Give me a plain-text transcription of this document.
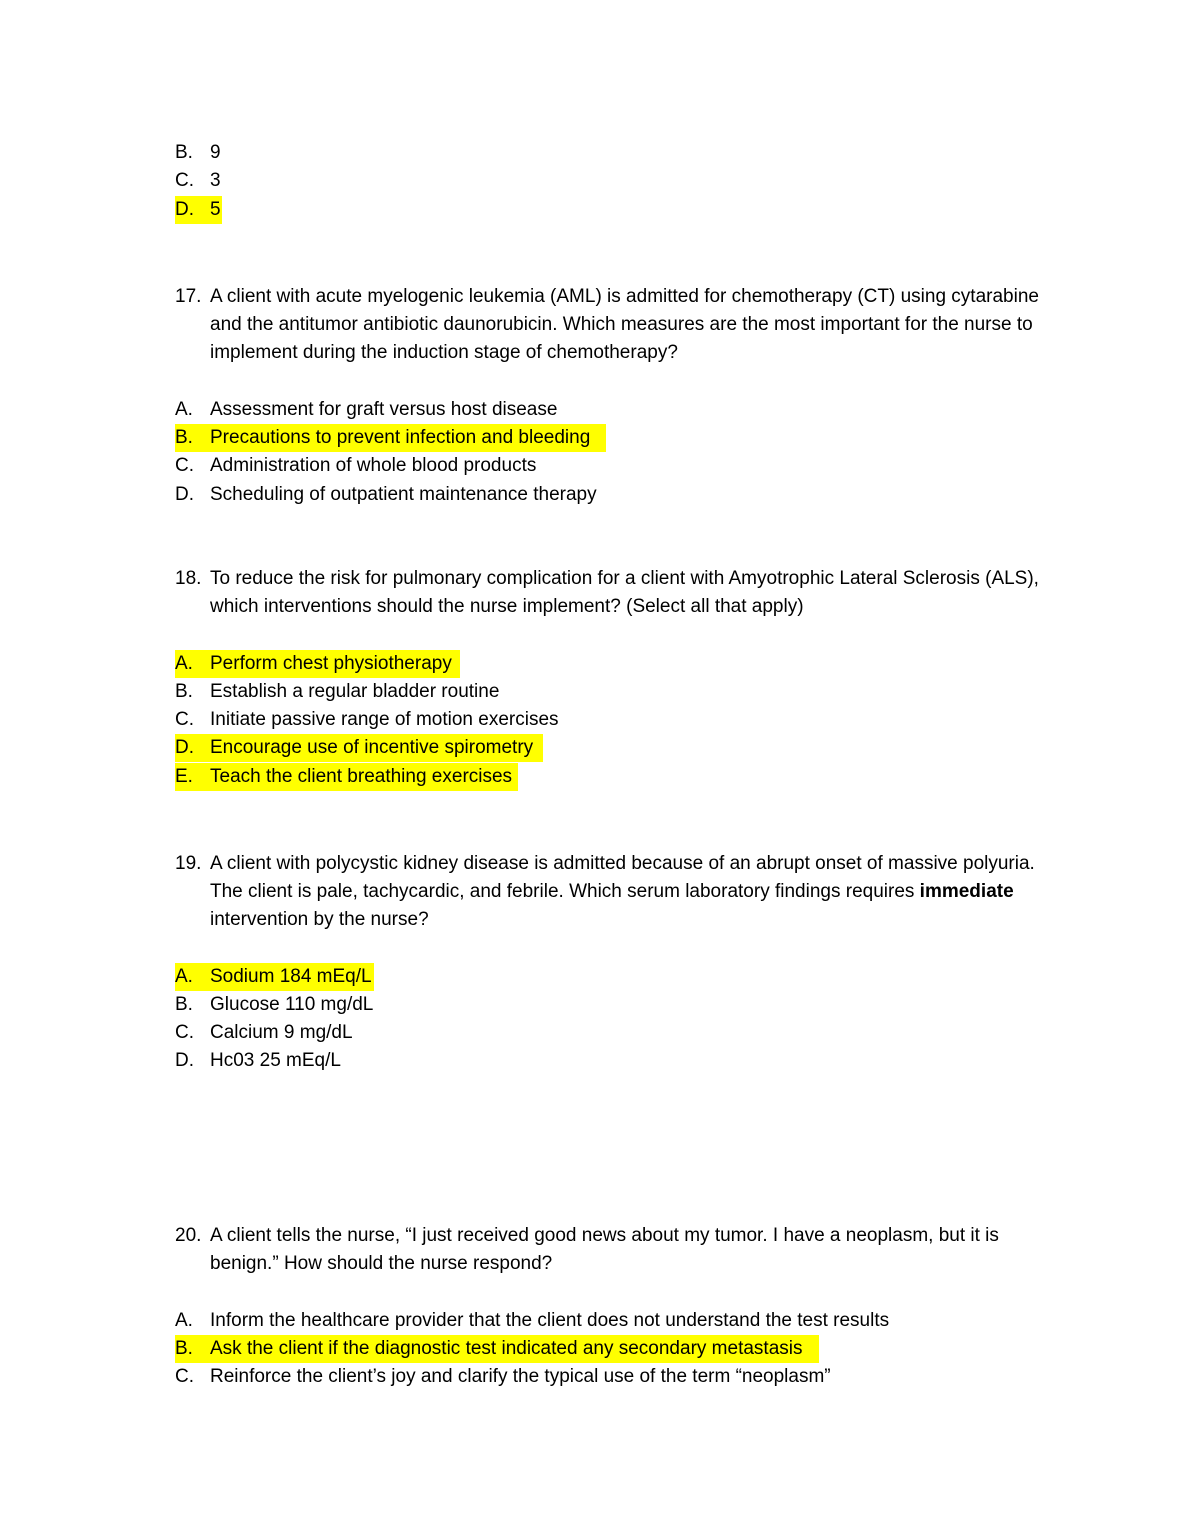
B. 9
C. 3
D. 5
17. A client with acute myelogenic leukemia (AML) is admitted for chemotherapy (CT) using cytarabine and the antitumor antibiotic daunorubicin. Which measures are the most important for the nurse to implement during the induction stage of chemotherapy?
A. Assessment for graft versus host disease
B. Precautions to prevent infection and bleeding
C. Administration of whole blood products
D. Scheduling of outpatient maintenance therapy
18. To reduce the risk for pulmonary complication for a client with Amyotrophic Lateral Sclerosis (ALS), which interventions should the nurse implement? (Select all that apply)
A. Perform chest physiotherapy
B. Establish a regular bladder routine
C. Initiate passive range of motion exercises
D. Encourage use of incentive spirometry
E. Teach the client breathing exercises
19. A client with polycystic kidney disease is admitted because of an abrupt onset of massive polyuria. The client is pale, tachycardic, and febrile. Which serum laboratory findings requires immediate intervention by the nurse?
A. Sodium 184 mEq/L
B. Glucose 110 mg/dL
C. Calcium 9 mg/dL
D. Hc03 25 mEq/L
20. A client tells the nurse, “I just received good news about my tumor. I have a neoplasm, but it is benign.” How should the nurse respond?
A. Inform the healthcare provider that the client does not understand the test results
B. Ask the client if the diagnostic test indicated any secondary metastasis
C. Reinforce the client’s joy and clarify the typical use of the term “neoplasm”
